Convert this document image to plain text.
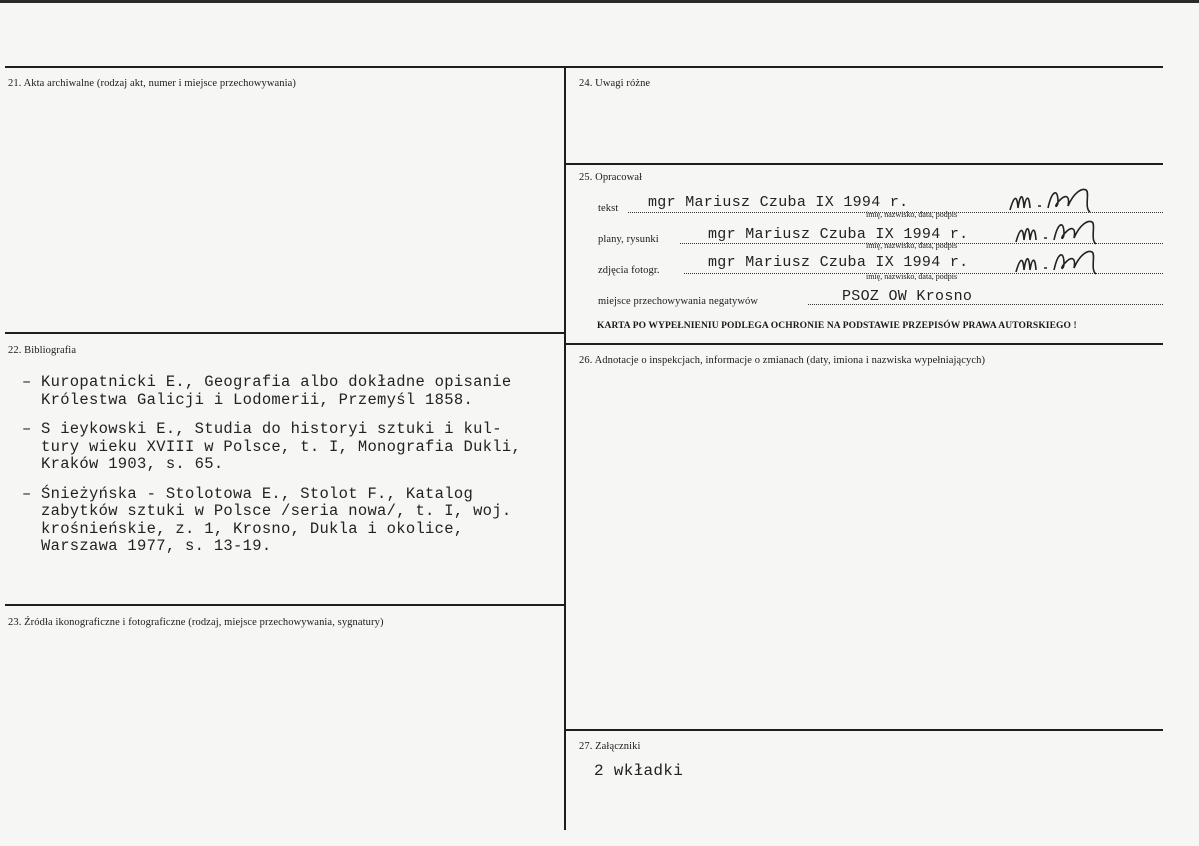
21. Akta archiwalne (rodzaj akt, numer i miejsce przechowywania)
22. Bibliografia
– Kuropatnicki E., Geografia albo dokładne opisanie
Królestwa Galicji i Lodomerii, Przemyśl 1858.
– S ieykowski E., Studia do historyi sztuki i kul-
tury wieku XVIII w Polsce, t. I, Monografia Dukli,
Kraków 1903, s. 65.
– Śnieżyńska - Stolotowa E., Stolot F., Katalog
zabytków sztuki w Polsce /seria nowa/, t. I, woj.
krośnieńskie, z. 1, Krosno, Dukla i okolice,
Warszawa 1977, s. 13-19.
23. Źródła ikonograficzne i fotograficzne (rodzaj, miejsce przechowywania, sygnatury)
24. Uwagi różne
25. Opracował
tekst mgr Mariusz Czuba IX 1994 r.
imię, nazwisko, data, podpis
plany, rysunki	mgr Mariusz Czuba IX 1994 r.
imię, nazwisko, data, podpis
zdjęcia fotogr.	mgr Mariusz Czuba IX 1994 r.
imię, nazwisko, data, podpis
miejsce przechowywania negatywów	PSOZ OW Krosno
KARTA PO WYPEŁNIENIU PODLEGA OCHRONIE NA PODSTAWIE PRZEPISÓW PRAWA AUTORSKIEGO !
26. Adnotacje o inspekcjach, informacje o zmianach (daty, imiona i nazwiska wypełniających)
27. Załączniki
2 wkładki
